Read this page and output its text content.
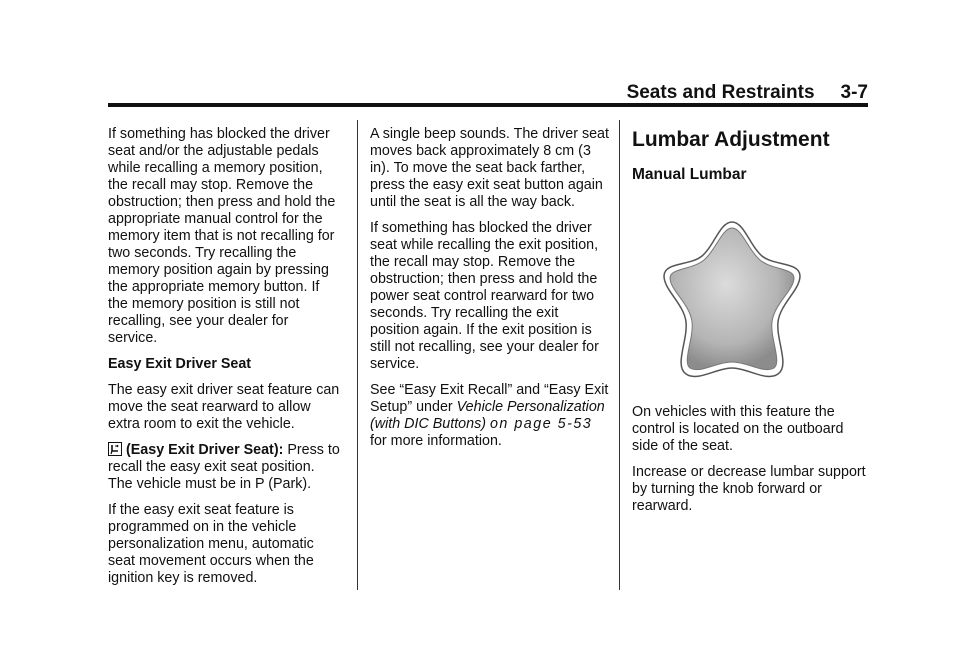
Seats and Restraints 3-7

If something has blocked the driver seat and/or the adjustable pedals while recalling a memory position, the recall may stop. Remove the obstruction; then press and hold the appropriate manual control for the memory item that is not recalling for two seconds. Try recalling the memory position again by pressing the appropriate memory button. If the memory position is still not recalling, see your dealer for service.

Easy Exit Driver Seat

The easy exit driver seat feature can move the seat rearward to allow extra room to exit the vehicle.

(Easy Exit Driver Seat): Press to recall the easy exit seat position. The vehicle must be in P (Park).

If the easy exit seat feature is programmed on in the vehicle personalization menu, automatic seat movement occurs when the ignition key is removed.

A single beep sounds. The driver seat moves back approximately 8 cm (3 in). To move the seat back farther, press the easy exit seat button again until the seat is all the way back.

If something has blocked the driver seat while recalling the exit position, the recall may stop. Remove the obstruction; then press and hold the power seat control rearward for two seconds. Try recalling the exit position again. If the exit position is still not recalling, see your dealer for service.

See “Easy Exit Recall” and “Easy Exit Setup” under Vehicle Personalization (with DIC Buttons) on page 5-53 for more information.

Lumbar Adjustment
Manual Lumbar

On vehicles with this feature the control is located on the outboard side of the seat.

Increase or decrease lumbar support by turning the knob forward or rearward.
